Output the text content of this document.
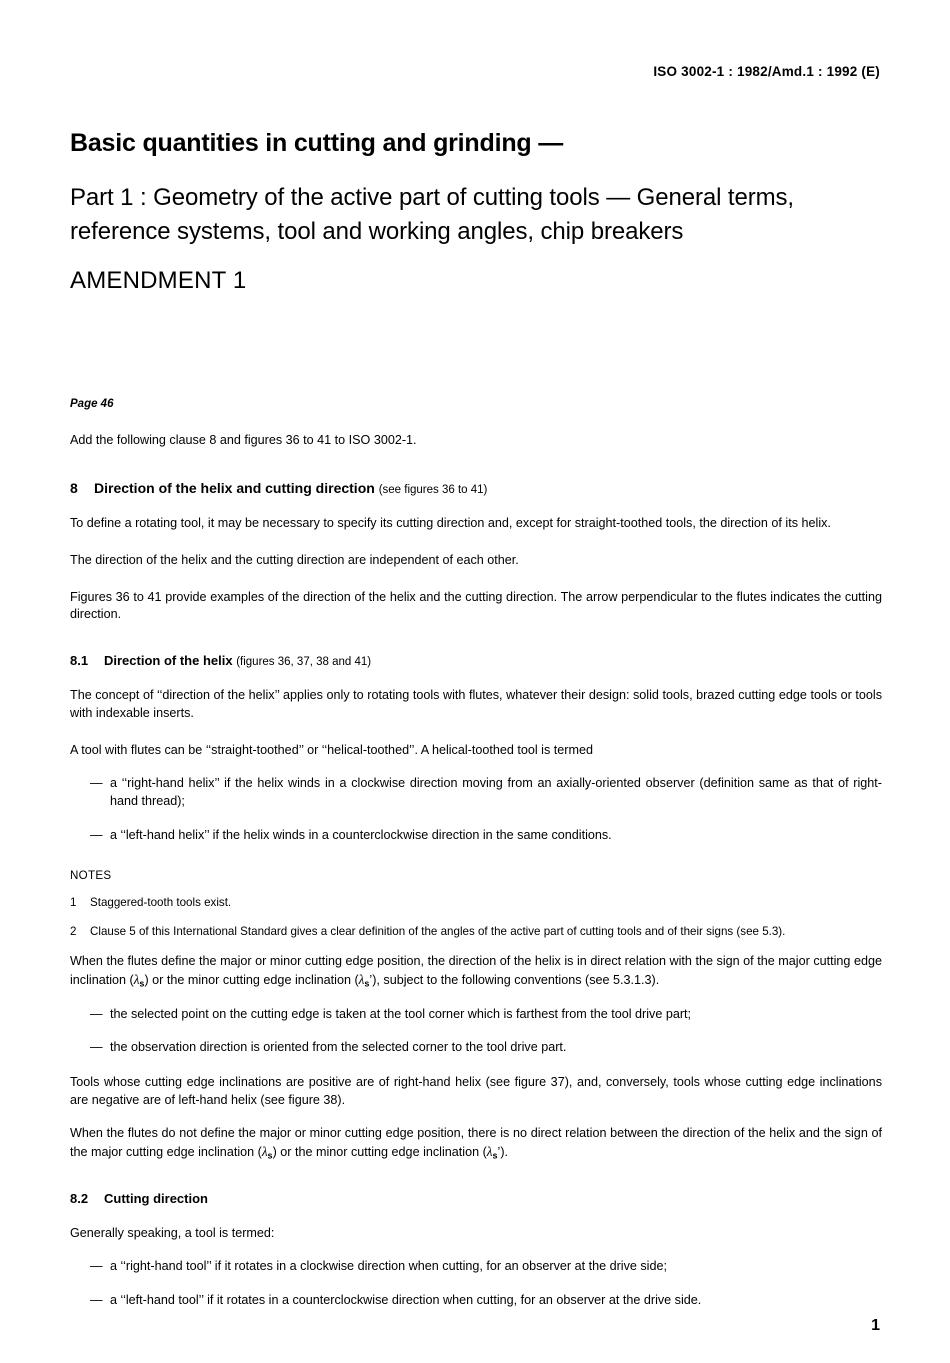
ISO 3002-1 : 1982/Amd.1 : 1992 (E)
Basic quantities in cutting and grinding —
Part 1 : Geometry of the active part of cutting tools — General terms, reference systems, tool and working angles, chip breakers
AMENDMENT 1
Page 46

Add the following clause 8 and figures 36 to 41 to ISO 3002-1.

8 Direction of the helix and cutting direction (see figures 36 to 41)

To define a rotating tool, it may be necessary to specify its cutting direction and, except for straight-toothed tools, the direction of its helix.

The direction of the helix and the cutting direction are independent of each other.

Figures 36 to 41 provide examples of the direction of the helix and the cutting direction. The arrow perpendicular to the flutes indicates the cutting direction.

8.1 Direction of the helix (figures 36, 37, 38 and 41)

The concept of ‘‘direction of the helix’’ applies only to rotating tools with flutes, whatever their design: solid tools, brazed cutting edge tools or tools with indexable inserts.

A tool with flutes can be ‘‘straight-toothed’’ or ‘‘helical-toothed’’. A helical-toothed tool is termed

— a ‘‘right-hand helix’’ if the helix winds in a clockwise direction moving from an axially-oriented observer (definition same as that of right-hand thread);
— a ‘‘left-hand helix’’ if the helix winds in a counterclockwise direction in the same conditions.
NOTES
1 Staggered-tooth tools exist.
2 Clause 5 of this International Standard gives a clear definition of the angles of the active part of cutting tools and of their signs (see 5.3).

When the flutes define the major or minor cutting edge position, the direction of the helix is in direct relation with the sign of the major cutting edge inclination $(\lambda_s)$ or the minor cutting edge inclination $(\lambda_s’)$, subject to the following conventions (see 5.3.1.3).

— the selected point on the cutting edge is taken at the tool corner which is farthest from the tool drive part;
— the observation direction is oriented from the selected corner to the tool drive part.

Tools whose cutting edge inclinations are positive are of right-hand helix (see figure 37), and, conversely, tools whose cutting edge inclinations are negative are of left-hand helix (see figure 38).

When the flutes do not define the major or minor cutting edge position, there is no direct relation between the direction of the helix and the sign of the major cutting edge inclination $(\lambda_s)$ or the minor cutting edge inclination $(\lambda_s’)$.

8.2 Cutting direction

Generally speaking, a tool is termed:

— a ‘‘right-hand tool’’ if it rotates in a clockwise direction when cutting, for an observer at the drive side;
— a ‘‘left-hand tool’’ if it rotates in a counterclockwise direction when cutting, for an observer at the drive side.
1
